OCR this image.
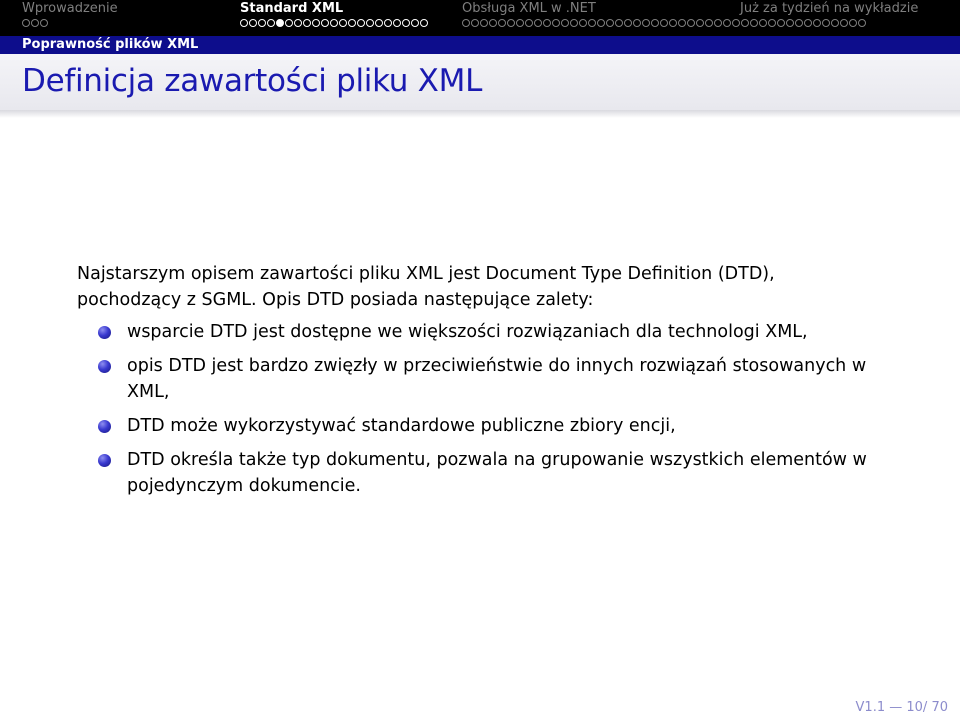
Wprowadzenie	Standard XML	Obsługa XML w .NET	Już za tydzień na wykładzie
Poprawność plików XML
Definicja zawartości pliku XML

Najstarszym opisem zawartości pliku XML jest Document Type Definition (DTD), pochodzący z SGML. Opis DTD posiada następujące zalety:

wsparcie DTD jest dostępne we większości rozwiązaniach dla technologi XML,
opis DTD jest bardzo zwięzły w przeciwieństwie do innych rozwiązań stosowanych w XML,
DTD może wykorzystywać standardowe publiczne zbiory encji,
DTD określa także typ dokumentu, pozwala na grupowanie wszystkich elementów w pojedynczym dokumencie.
V1.1 — 10/ 70
